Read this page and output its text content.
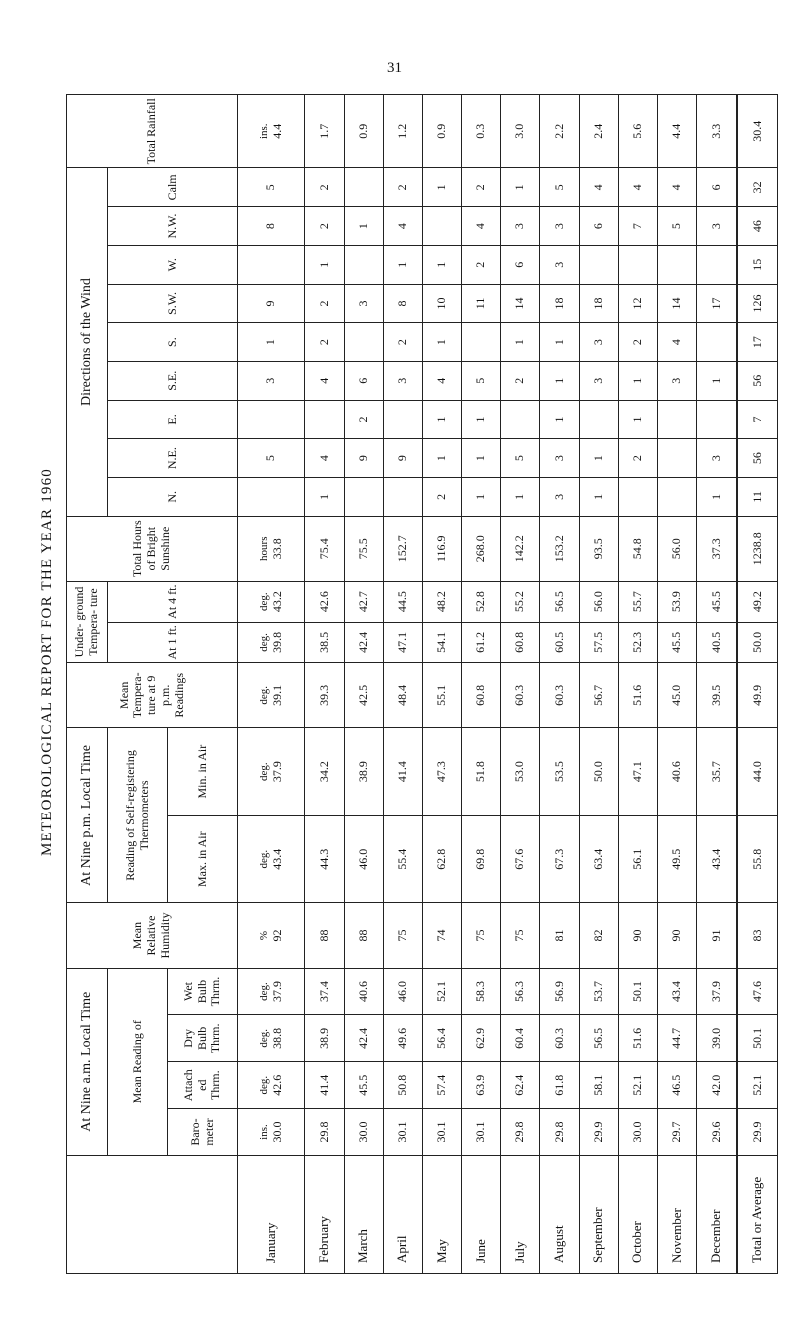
31
METEOROLOGICAL REPORT FOR THE YEAR 1960
	At Nine a.m. Local Time				Mean Relative Humidity	At Nine p.m. Local Time		Mean Tempera- ture at 9 p.m. Readings	Under- ground Tempera- ture		Total Hours of Bright Sunshine	Directions of the Wind									Total Rainfall
	Mean Reading of					Reading of Self-registering Thermometers			At 1 ft.	At 4 ft.		N.	N.E.	E.	S.E.	S.	S.W.	W.	N.W.	Calm	
	Baro- meter	Attach ed Thrm.	Dry Bulb Thrm.	Wet Bulb Thrm.		Max. in Air	Min. in Air														
January	ins. 30.0	deg. 42.6	deg. 38.8	deg. 37.9	% 92	deg. 43.4	deg. 37.9	deg. 39.1	deg. 39.8	deg. 43.2	hours 33.8		5		3	1	9		8	5	ins. 4.4
February	29.8	41.4	38.9	37.4	88	44.3	34.2	39.3	38.5	42.6	75.4	1	4		4	2	2	1	2	2	1.7
March	30.0	45.5	42.4	40.6	88	46.0	38.9	42.5	42.4	42.7	75.5		9	2	6		3		1		0.9
April	30.1	50.8	49.6	46.0	75	55.4	41.4	48.4	47.1	44.5	152.7		9		3	2	8	1	4	2	1.2
May	30.1	57.4	56.4	52.1	74	62.8	47.3	55.1	54.1	48.2	116.9	2	1	1	4	1	10	1		1	0.9
June	30.1	63.9	62.9	58.3	75	69.8	51.8	60.8	61.2	52.8	268.0	1	1	1	5		11	2	4	2	0.3
July	29.8	62.4	60.4	56.3	75	67.6	53.0	60.3	60.8	55.2	142.2	1	5		2	1	14	6	3	1	3.0
August	29.8	61.8	60.3	56.9	81	67.3	53.5	60.3	60.5	56.5	153.2	3	3	1	1	1	18	3	3	5	2.2
September	29.9	58.1	56.5	53.7	82	63.4	50.0	56.7	57.5	56.0	93.5	1	1		3	3	18		6	4	2.4
October	30.0	52.1	51.6	50.1	90	56.1	47.1	51.6	52.3	55.7	54.8		2	1	1	2	12		7	4	5.6
November	29.7	46.5	44.7	43.4	90	49.5	40.6	45.0	45.5	53.9	56.0				3	4	14		5	4	4.4
December	29.6	42.0	39.0	37.9	91	43.4	35.7	39.5	40.5	45.5	37.3	1	3		1		17		3	6	3.3
Total or Average	29.9	52.1	50.1	47.6	83	55.8	44.0	49.9	50.0	49.2	1238.8	11	56	7	56	17	126	15	46	32	30.4
